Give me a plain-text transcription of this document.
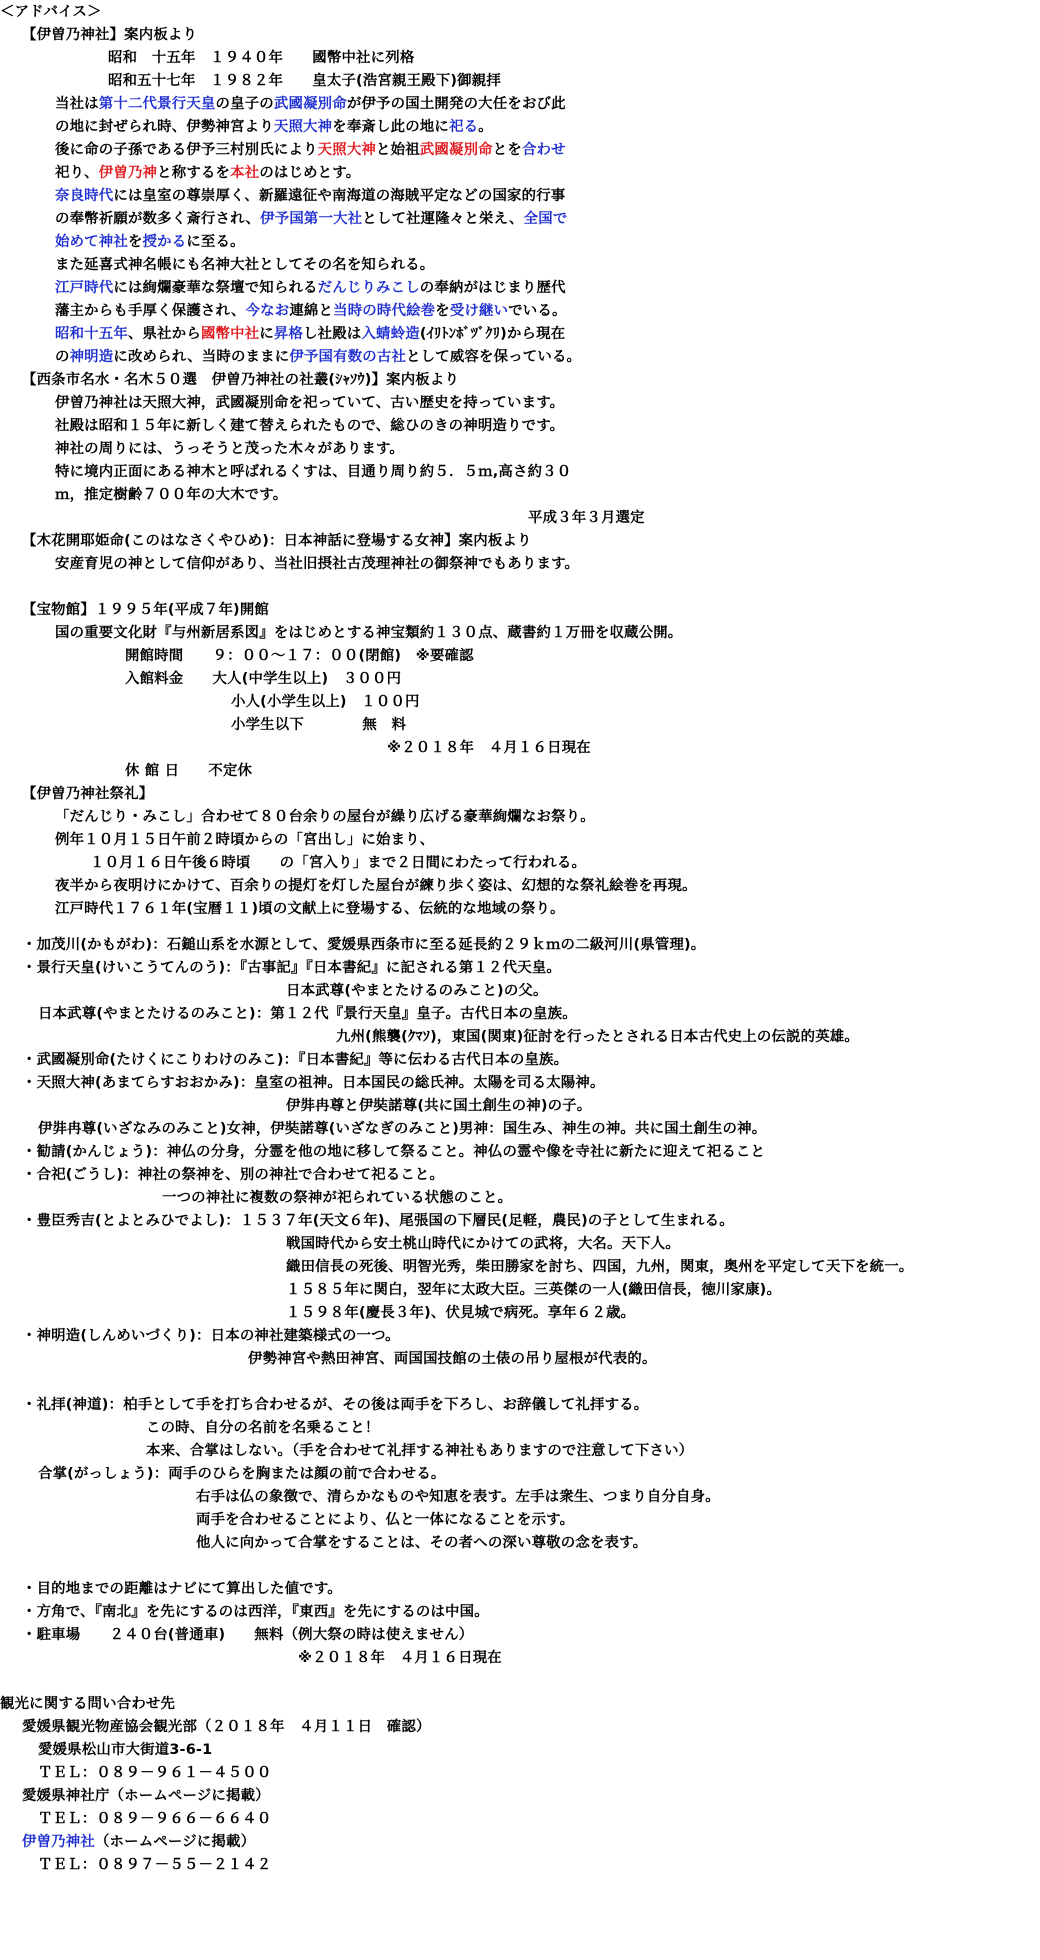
＜アドバイス＞
【伊曽乃神社】案内板より
昭和　十五年　１９４０年　　國幣中社に列格
昭和五十七年　１９８２年　　皇太子(浩宮親王殿下)御親拝
当社は第十二代景行天皇の皇子の武國凝別命が伊予の国土開発の大任をおび此
の地に封ぜられ時、伊勢神宮より天照大神を奉斎し此の地に祀る。
後に命の子孫である伊予三村別氏により天照大神と始祖武國凝別命とを合わせ
祀り、伊曽乃神と称するを本社のはじめとす。
奈良時代には皇室の尊崇厚く、新羅遠征や南海道の海賊平定などの国家的行事
の奉幣祈願が数多く斎行され、伊予国第一大社として社運隆々と栄え、全国で
始めて神社を授かるに至る。
また延喜式神名帳にも名神大社としてその名を知られる。
江戸時代には絢爛豪華な祭壇で知られるだんじりみこしの奉納がはじまり歴代
藩主からも手厚く保護され、今なお連綿と当時の時代絵巻を受け継いでいる。
昭和十五年、県社から國幣中社に昇格し社殿は入蜻蛉造(ｲﾘﾄﾝﾎﾞﾂﾞｸﾘ)から現在
の神明造に改められ、当時のままに伊予国有数の古社として威容を保っている。
【西条市名水・名木５０選　伊曽乃神社の社叢(ｼｬｿｳ)】案内板より
伊曽乃神社は天照大神，武國凝別命を祀っていて、古い歴史を持っています。
社殿は昭和１５年に新しく建て替えられたもので、総ひのきの神明造りです。
神社の周りには、うっそうと茂った木々があります。
特に境内正面にある神木と呼ばれるくすは、目通り周り約５．５ｍ,高さ約３０
ｍ，推定樹齢７００年の大木です。
平成３年３月選定
【木花開耶姫命(このはなさくやひめ)：日本神話に登場する女神】案内板より
安産育児の神として信仰があり、当社旧摂社古茂理神社の御祭神でもあります。
【宝物館】１９９５年(平成７年)開館
国の重要文化財『与州新居系図』をはじめとする神宝類約１３０点、蔵書約１万冊を収蔵公開。
開館時間　　９：００～１７：００(閉館)　※要確認
入館料金　　大人(中学生以上)　３００円
小人(小学生以上)　１００円
小学生以下　　　　無　料
※２０１８年　４月１６日現在
休 館 日　　不定休
【伊曽乃神社祭礼】
「だんじり・みこし」合わせて８０台余りの屋台が繰り広げる豪華絢爛なお祭り。
例年１０月１５日午前２時頃からの「宮出し」に始まり、
１０月１６日午後６時頃　　の「宮入り」まで２日間にわたって行われる。
夜半から夜明けにかけて、百余りの提灯を灯した屋台が練り歩く姿は、幻想的な祭礼絵巻を再現。
江戸時代１７６１年(宝暦１１)頃の文献上に登場する、伝統的な地域の祭り。
・加茂川(かもがわ)：石鎚山系を水源として、愛媛県西条市に至る延長約２９ｋｍの二級河川(県管理)。
・景行天皇(けいこうてんのう)：『古事記』『日本書紀』に記される第１２代天皇。
日本武尊(やまとたけるのみこと)の父。
日本武尊(やまとたけるのみこと)：第１２代『景行天皇』皇子。古代日本の皇族。
九州(熊襲(ｸﾏｿ)，東国(関東)征討を行ったとされる日本古代史上の伝説的英雄。
・武國凝別命(たけくにこりわけのみこ)：『日本書紀』等に伝わる古代日本の皇族。
・天照大神(あまてらすおおかみ)：皇室の祖神。日本国民の総氏神。太陽を司る太陽神。
伊弉冉尊と伊奘諾尊(共に国土創生の神)の子。
伊弉冉尊(いざなみのみこと)女神，伊奘諾尊(いざなぎのみこと)男神：国生み、神生の神。共に国土創生の神。
・勧請(かんじょう)：神仏の分身，分霊を他の地に移して祭ること。神仏の霊や像を寺社に新たに迎えて祀ること
・合祀(ごうし)：神社の祭神を、別の神社で合わせて祀ること。
一つの神社に複数の祭神が祀られている状態のこと。
・豊臣秀吉(とよとみひでよし)：１５３７年(天文６年)、尾張国の下層民(足軽，農民)の子として生まれる。
戦国時代から安土桃山時代にかけての武将，大名。天下人。
織田信長の死後、明智光秀，柴田勝家を討ち、四国，九州，関東，奥州を平定して天下を統一。
１５８５年に関白，翌年に太政大臣。三英傑の一人(織田信長，徳川家康)。
１５９８年(慶長３年)、伏見城で病死。享年６２歳。
・神明造(しんめいづくり)：日本の神社建築様式の一つ。
伊勢神宮や熱田神宮、両国国技館の土俵の吊り屋根が代表的。
・礼拝(神道)：柏手として手を打ち合わせるが、その後は両手を下ろし、お辞儀して礼拝する。
この時、自分の名前を名乗ること！
本来、合掌はしない。（手を合わせて礼拝する神社もありますので注意して下さい）
合掌(がっしょう)：両手のひらを胸または顔の前で合わせる。
右手は仏の象徴で、清らかなものや知恵を表す。左手は衆生、つまり自分自身。
両手を合わせることにより、仏と一体になることを示す。
他人に向かって合掌をすることは、その者への深い尊敬の念を表す。
・目的地までの距離はナビにて算出した値です。
・方角で、『南北』を先にするのは西洋，『東西』を先にするのは中国。
・駐車場　　２４０台(普通車)　　無料（例大祭の時は使えません）
※２０１８年　４月１６日現在
観光に関する問い合わせ先
愛媛県観光物産協会観光部（２０１８年　４月１１日　確認）
愛媛県松山市大街道3-6-1
ＴＥＬ：０８９－９６１－４５００
愛媛県神社庁（ホームページに掲載）
ＴＥＬ：０８９－９６６－６６４０
伊曽乃神社（ホームページに掲載）
ＴＥＬ：０８９７－５５－２１４２
